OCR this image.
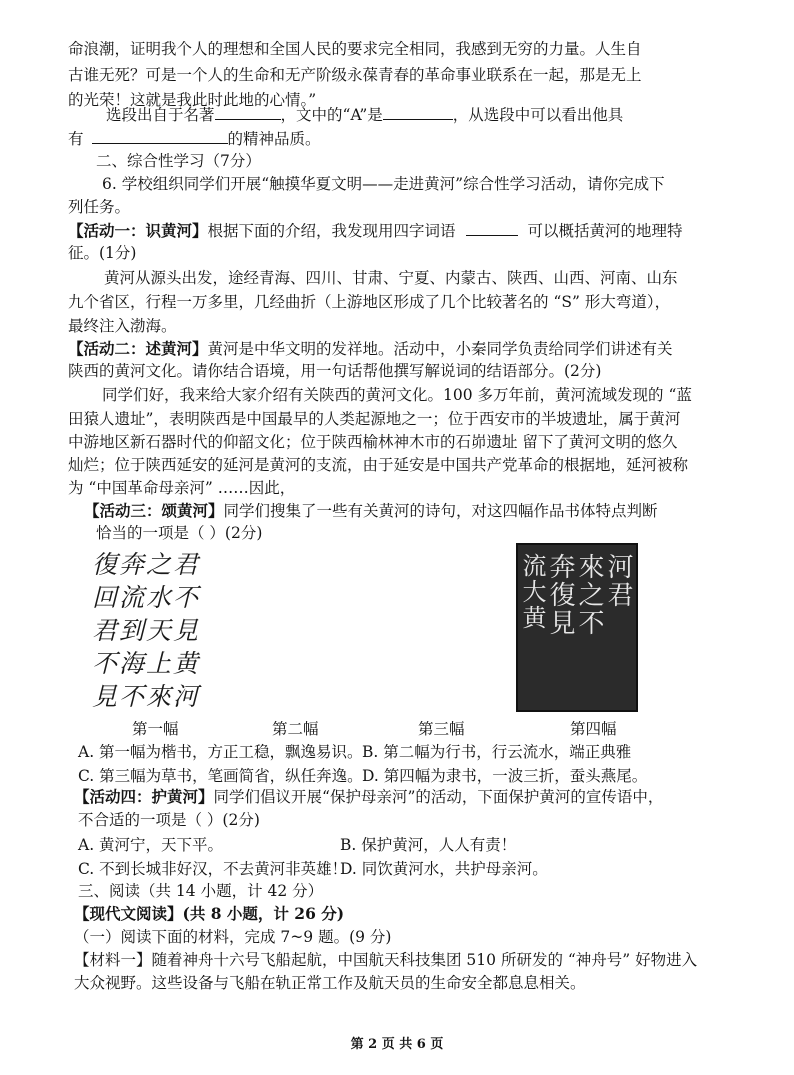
命浪潮，证明我个人的理想和全国人民的要求完全相同，我感到无穷的力量。人生自
古谁无死？可是一个人的生命和无产阶级永葆青春的革命事业联系在一起，那是无上
的光荣！这就是我此时此地的心情。”
选段出自于名著	，文中的“A”是	，从选段中可以看出他具
有	的精神品质。
二、综合性学习（7分）
6. 学校组织同学们开展“触摸华夏文明——走进黄河”综合性学习活动，请你完成下
列任务。
【活动一：识黄河】根据下面的介绍，我发现用四字词语	可以概括黄河的地理特
征。(1分)
黄河从源头出发，途经青海、四川、甘肃、宁夏、内蒙古、陕西、山西、河南、山东
九个省区，行程一万多里，几经曲折（上游地区形成了几个比较著名的 “S” 形大弯道），
最终注入渤海。
【活动二：述黄河】黄河是中华文明的发祥地。活动中，小秦同学负责给同学们讲述有关
陕西的黄河文化。请你结合语境，用一句话帮他撰写解说词的结语部分。(2分)
同学们好，我来给大家介绍有关陕西的黄河文化。100 多万年前，黄河流域发现的 “蓝
田猿人遗址”，表明陕西是中国最早的人类起源地之一；位于西安市的半坡遗址，属于黄河
中游地区新石器时代的仰韶文化；位于陕西榆林神木市的石峁遗址 留下了黄河文明的悠久
灿烂；位于陕西延安的延河是黄河的支流，由于延安是中国共产党革命的根据地，延河被称
为 “中国革命母亲河” ……因此，
【活动三：颂黄河】同学们搜集了一些有关黄河的诗句，对这四幅作品书体特点判断
恰当的一项是（ ）(2分)
復奔之君
回流水不
君到天見
不海上黄
見不來河
河君
來之不
奔復見
流大黄
第一幅	第二幅	第三幅	第四幅
A. 第一幅为楷书，方正工稳，飘逸易识。 B. 第二幅为行书，行云流水，端正典雅
C. 第三幅为草书，笔画简省，纵任奔逸。 D. 第四幅为隶书，一波三折，蚕头燕尾。
【活动四：护黄河】同学们倡议开展“保护母亲河”的活动，下面保护黄河的宣传语中，
不合适的一项是（ ）(2分)
A. 黄河宁，天下平。	B. 保护黄河，人人有责！
C. 不到长城非好汉，不去黄河非英雄！
D. 同饮黄河水，共护母亲河。
三、阅读（共 14 小题，计 42 分）
【现代文阅读】(共 8 小题，计 26 分)
（一）阅读下面的材料，完成 7~9 题。(9 分)
【材料一】随着神舟十六号飞船起航，中国航天科技集团 510 所研发的 “神舟号” 好物进入
大众视野。这些设备与飞船在轨正常工作及航天员的生命安全都息息相关。
第 2 页 共 6 页
